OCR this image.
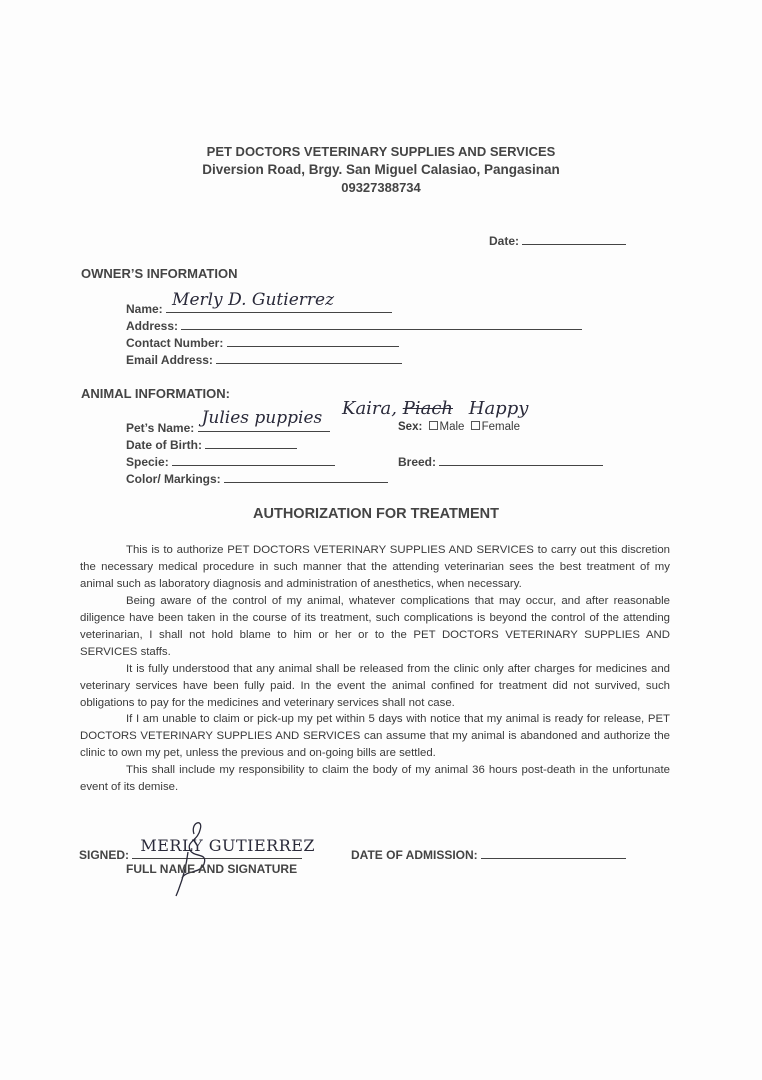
PET DOCTORS VETERINARY SUPPLIES AND SERVICES
Diversion Road, Brgy. San Miguel Calasiao, Pangasinan
09327388734
Date:
OWNER’S INFORMATION
Name: Merly D. Gutierrez
Address:
Contact Number:
Email Address:
ANIMAL INFORMATION:
Pet’s Name: Julies puppies Kaira, Piach Happy
Sex: Male Female
Date of Birth:
Specie:	Breed:
Color/ Markings:
AUTHORIZATION FOR TREATMENT
This is to authorize PET DOCTORS VETERINARY SUPPLIES AND SERVICES to carry out this discretion the necessary medical procedure in such manner that the attending veterinarian sees the best treatment of my animal such as laboratory diagnosis and administration of anesthetics, when necessary.
Being aware of the control of my animal, whatever complications that may occur, and after reasonable diligence have been taken in the course of its treatment, such complications is beyond the control of the attending veterinarian, I shall not hold blame to him or her or to the PET DOCTORS VETERINARY SUPPLIES AND SERVICES staffs.
It is fully understood that any animal shall be released from the clinic only after charges for medicines and veterinary services have been fully paid. In the event the animal confined for treatment did not survived, such obligations to pay for the medicines and veterinary services shall not case.
If I am unable to claim or pick-up my pet within 5 days with notice that my animal is ready for release, PET DOCTORS VETERINARY SUPPLIES AND SERVICES can assume that my animal is abandoned and authorize the clinic to own my pet, unless the previous and on-going bills are settled.
This shall include my responsibility to claim the body of my animal 36 hours post-death in the unfortunate event of its demise.
SIGNED: MERLY GUTIERREZ
FULL NAME AND SIGNATURE
DATE OF ADMISSION:
